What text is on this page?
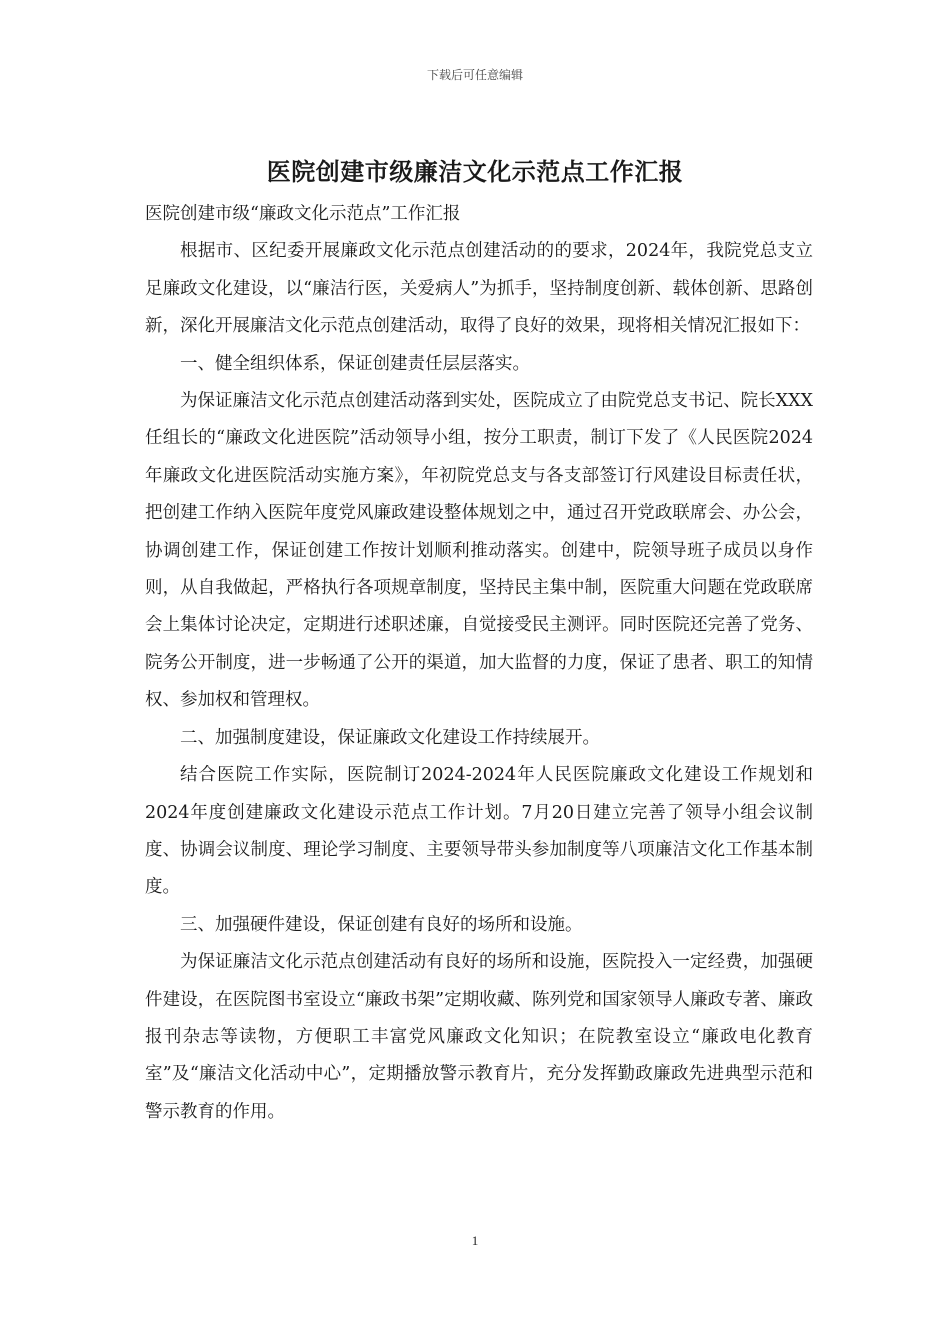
下载后可任意编辑
医院创建市级廉洁文化示范点工作汇报

医院创建市级“廉政文化示范点”工作汇报

根据市、区纪委开展廉政文化示范点创建活动的的要求，2024年，我院党总支立足廉政文化建设，以“廉洁行医，关爱病人”为抓手，坚持制度创新、载体创新、思路创新，深化开展廉洁文化示范点创建活动，取得了良好的效果，现将相关情况汇报如下：

一、健全组织体系，保证创建责任层层落实。

为保证廉洁文化示范点创建活动落到实处，医院成立了由院党总支书记、院长XXX任组长的“廉政文化进医院”活动领导小组，按分工职责，制订下发了《人民医院2024年廉政文化进医院活动实施方案》，年初院党总支与各支部签订行风建设目标责任状，把创建工作纳入医院年度党风廉政建设整体规划之中，通过召开党政联席会、办公会，协调创建工作，保证创建工作按计划顺利推动落实。创建中，院领导班子成员以身作则，从自我做起，严格执行各项规章制度，坚持民主集中制，医院重大问题在党政联席会上集体讨论决定，定期进行述职述廉，自觉接受民主测评。同时医院还完善了党务、院务公开制度，进一步畅通了公开的渠道，加大监督的力度，保证了患者、职工的知情权、参加权和管理权。

二、加强制度建设，保证廉政文化建设工作持续展开。

结合医院工作实际，医院制订2024-2024年人民医院廉政文化建设工作规划和2024年度创建廉政文化建设示范点工作计划。7月20日建立完善了领导小组会议制度、协调会议制度、理论学习制度、主要领导带头参加制度等八项廉洁文化工作基本制度。

三、加强硬件建设，保证创建有良好的场所和设施。

为保证廉洁文化示范点创建活动有良好的场所和设施，医院投入一定经费，加强硬件建设，在医院图书室设立“廉政书架”定期收藏、陈列党和国家领导人廉政专著、廉政报刊杂志等读物，方便职工丰富党风廉政文化知识；在院教室设立“廉政电化教育室”及“廉洁文化活动中心”，定期播放警示教育片，充分发挥勤政廉政先进典型示范和警示教育的作用。

1
